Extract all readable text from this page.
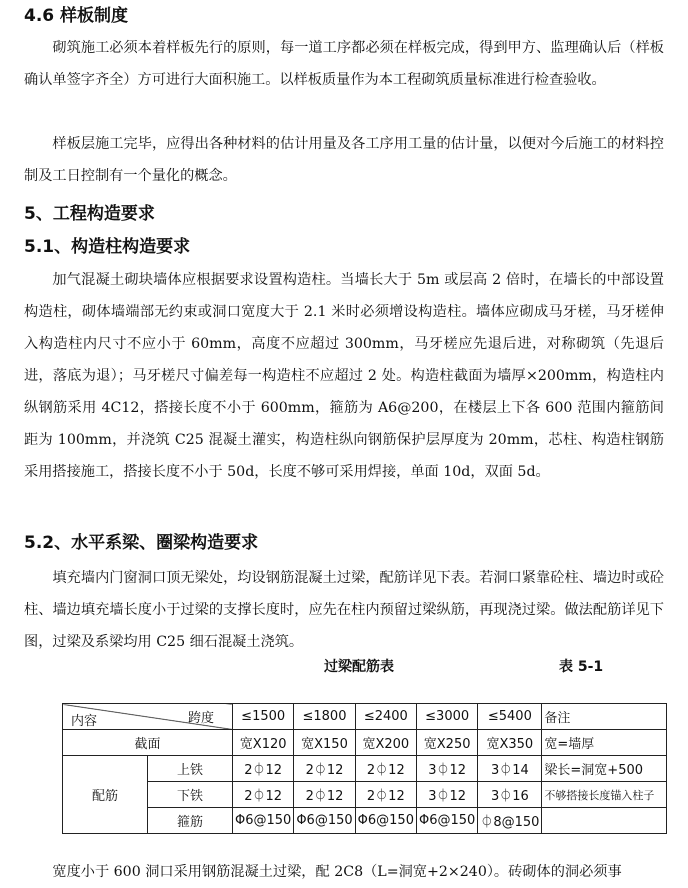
4.6 样板制度

砌筑施工必须本着样板先行的原则，每一道工序都必须在样板完成，得到甲方、监理确认后（样板确认单签字齐全）方可进行大面积施工。以样板质量作为本工程砌筑质量标准进行检查验收。

样板层施工完毕，应得出各种材料的估计用量及各工序用工量的估计量，以便对今后施工的材料控制及工日控制有一个量化的概念。

5、工程构造要求
5.1、构造柱构造要求

加气混凝土砌块墙体应根据要求设置构造柱。当墙长大于 5m 或层高 2 倍时，在墙长的中部设置构造柱，砌体墙端部无约束或洞口宽度大于 2.1 米时必须增设构造柱。墙体应砌成马牙槎，马牙槎伸入构造柱内尺寸不应小于 60mm，高度不应超过 300mm，马牙槎应先退后进，对称砌筑（先退后进，落底为退）；马牙槎尺寸偏差每一构造柱不应超过 2 处。构造柱截面为墙厚×200mm，构造柱内纵钢筋采用 4C12，搭接长度不小于 600mm，箍筋为 A6@200，在楼层上下各 600 范围内箍筋间距为 100mm，并浇筑 C25 混凝土灌实，构造柱纵向钢筋保护层厚度为 20mm，芯柱、构造柱钢筋采用搭接施工，搭接长度不小于 50d，长度不够可采用焊接，单面 10d，双面 5d。

5.2、水平系梁、圈梁构造要求

填充墙内门窗洞口顶无梁处，均设钢筋混凝土过梁，配筋详见下表。若洞口紧靠砼柱、墙边时或砼柱、墙边填充墙长度小于过梁的支撑长度时，应先在柱内预留过梁纵筋，再现浇过梁。做法配筋详见下图，过梁及系梁均用 C25 细石混凝土浇筑。

过梁配筋表	表 5-1
跨度
内容		≤1500	≤1800	≤2400	≤3000	≤5400	备注
截面		宽X120	宽X150	宽X200	宽X250	宽X350	宽=墙厚
配筋	上铁	2⏀12	2⏀12	2⏀12	3⏀12	3⏀14	梁长=洞宽+500
	下铁	2⏀12	2⏀12	2⏀12	3⏀12	3⏀16	不够搭接长度锚入柱子
	箍筋	Φ6@150	Φ6@150	Φ6@150	Φ6@150	⏀8@150	

宽度小于 600 洞口采用钢筋混凝土过梁，配 2C8（L=洞宽+2×240）。砖砌体的洞必须事
